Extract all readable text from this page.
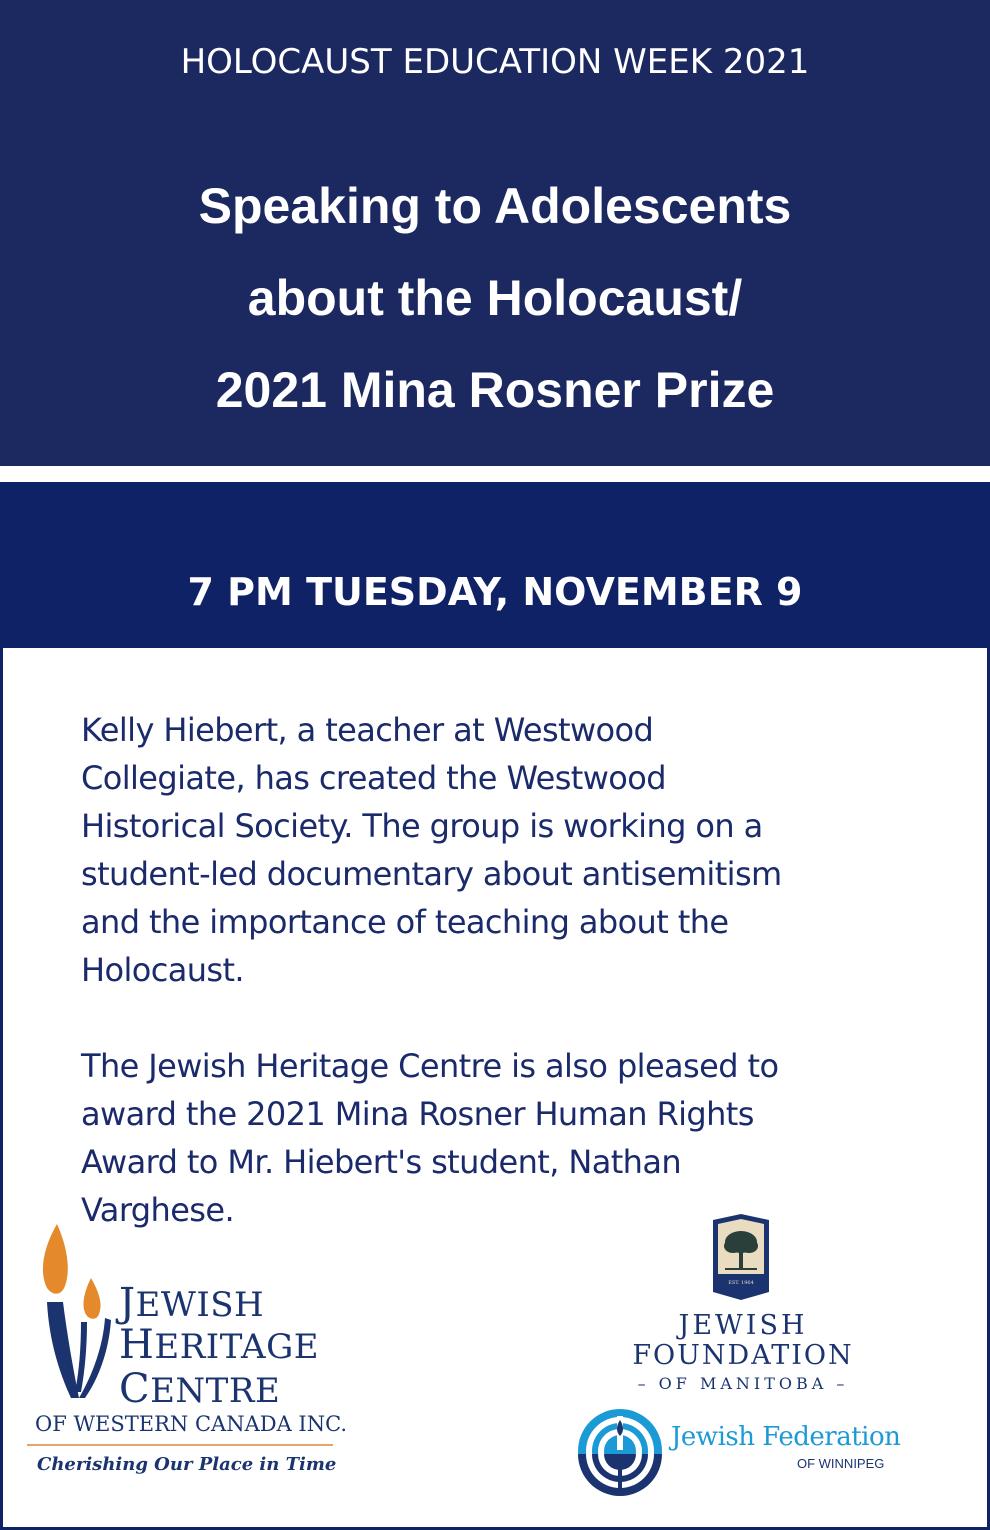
HOLOCAUST EDUCATION WEEK 2021
Speaking to Adolescents
about the Holocaust/
2021 Mina Rosner Prize
7 PM TUESDAY, NOVEMBER 9
Kelly Hiebert, a teacher at Westwood
Collegiate, has created the Westwood
Historical Society. The group is working on a
student-led documentary about antisemitism
and the importance of teaching about the
Holocaust.
The Jewish Heritage Centre is also pleased to
award the 2021 Mina Rosner Human Rights
Award to Mr. Hiebert's student, Nathan
Varghese.
JEWISH
HERITAGE
CENTRE
OF WESTERN CANADA INC.
Cherishing Our Place in Time
EST. 1964
JEWISH
FOUNDATION
– OF MANITOBA –
Jewish Federation
OF WINNIPEG
